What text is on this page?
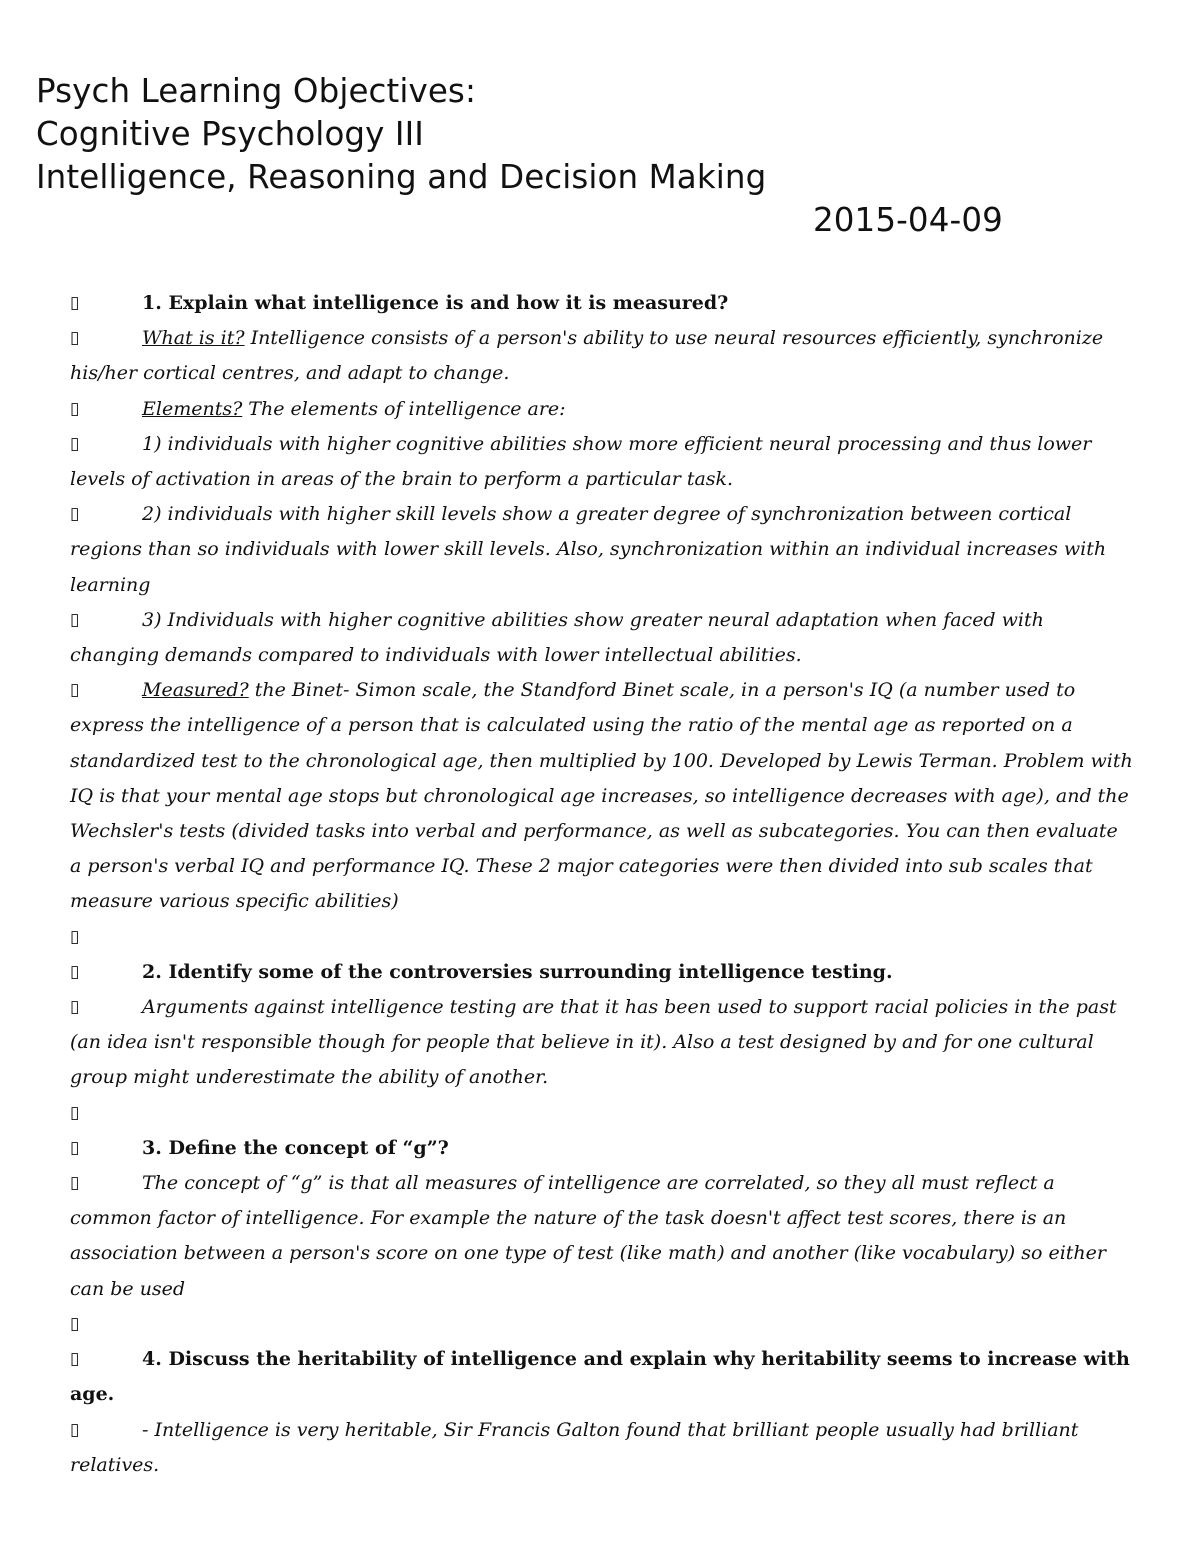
Psych Learning Objectives:
Cognitive Psychology III
Intelligence, Reasoning and Decision Making
2015-04-09

▯	1. Explain what intelligence is and how it is measured?

▯	What is it? Intelligence consists of a person's ability to use neural resources efficiently, synchronize his/her cortical centres, and adapt to change.

▯	Elements? The elements of intelligence are:

▯	1) individuals with higher cognitive abilities show more efficient neural processing and thus lower levels of activation in areas of the brain to perform a particular task.

▯	2) individuals with higher skill levels show a greater degree of synchronization between cortical regions than so individuals with lower skill levels. Also, synchronization within an individual increases with learning

▯	3) Individuals with higher cognitive abilities show greater neural adaptation when faced with changing demands compared to individuals with lower intellectual abilities.

▯	Measured? the Binet- Simon scale, the Standford Binet scale, in a person's IQ (a number used to express the intelligence of a person that is calculated using the ratio of the mental age as reported on a standardized test to the chronological age, then multiplied by 100. Developed by Lewis Terman. Problem with IQ is that your mental age stops but chronological age increases, so intelligence decreases with age), and the Wechsler's tests (divided tasks into verbal and performance, as well as subcategories. You can then evaluate a person's verbal IQ and performance IQ. These 2 major categories were then divided into sub scales that measure various specific abilities)

▯

▯	2. Identify some of the controversies surrounding intelligence testing.

▯	Arguments against intelligence testing are that it has been used to support racial policies in the past (an idea isn't responsible though for people that believe in it). Also a test designed by and for one cultural group might underestimate the ability of another.

▯

▯	3. Define the concept of “g”?

▯	The concept of “g” is that all measures of intelligence are correlated, so they all must reflect a common factor of intelligence. For example the nature of the task doesn't affect test scores, there is an association between a person's score on one type of test (like math) and another (like vocabulary) so either can be used

▯

▯	4. Discuss the heritability of intelligence and explain why heritability seems to increase with age.

▯	- Intelligence is very heritable, Sir Francis Galton found that brilliant people usually had brilliant relatives.
